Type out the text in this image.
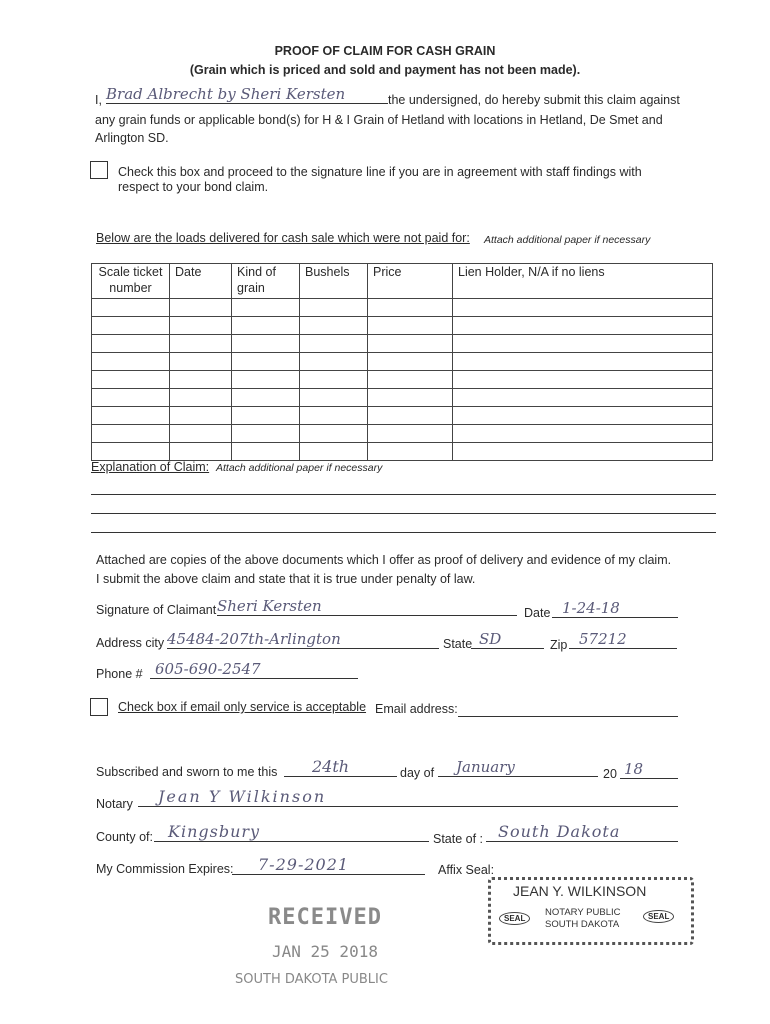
PROOF OF CLAIM FOR CASH GRAIN
(Grain which is priced and sold and payment has not been made).
I, Brad Albrecht by Sheri Kersten	the undersigned, do hereby submit this claim against
any grain funds or applicable bond(s) for H & I Grain of Hetland with locations in Hetland, De Smet and
Arlington SD.
Check this box and proceed to the signature line if you are in agreement with staff findings with
respect to your bond claim.
Below are the loads delivered for cash sale which were not paid for: Attach additional paper if necessary
Scale ticket number	Date	Kind of grain	Bushels	Price	Lien Holder, N/A if no liens

Explanation of Claim: Attach additional paper if necessary
Attached are copies of the above documents which I offer as proof of delivery and evidence of my claim.
I submit the above claim and state that it is true under penalty of law.
Signature of Claimant Sheri Kersten	Date 1-24-18
Address city 45484-207th-Arlington	State SD	Zip 57212
Phone # 605-690-2547
Check box if email only service is acceptable Email address:
Subscribed and sworn to me this	24th	day of	January	20 18
Notary	Jean Y Wilkinson
County of: Kingsbury	State of : South Dakota
My Commission Expires:	7-29-2021	Affix Seal:
JEAN Y. WILKINSON
SEAL
NOTARY PUBLIC
SOUTH DAKOTA
SEAL
RECEIVED
JAN 25 2018
SOUTH DAKOTA PUBLIC
